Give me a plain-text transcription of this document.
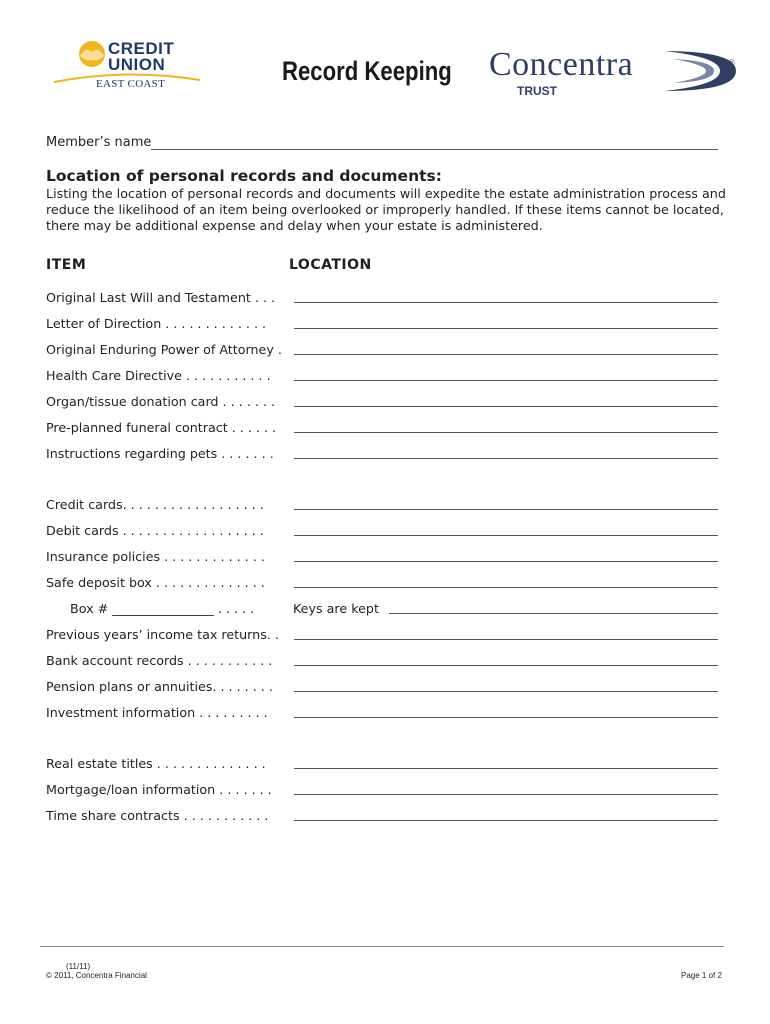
CREDIT
UNION
EAST COAST	Record Keeping Concentra	®
TRUST
Member’s name
Location of personal records and documents:
Listing the location of personal records and documents will expedite the estate administration process and reduce the likelihood of an item being overlooked or improperly handled. If these items cannot be located, there may be additional expense and delay when your estate is administered.
ITEM	LOCATION
Original Last Will and Testament . . .
Letter of Direction . . . . . . . . . . . . .
Original Enduring Power of Attorney .
Health Care Directive . . . . . . . . . . .
Organ/tissue donation card . . . . . . .
Pre-planned funeral contract . . . . . .
Instructions regarding pets . . . . . . .
Credit cards. . . . . . . . . . . . . . . . . .
Debit cards . . . . . . . . . . . . . . . . . .
Insurance policies . . . . . . . . . . . . .
Safe deposit box . . . . . . . . . . . . . .
Box # ________________ . . . . .	Keys are kept
Previous years’ income tax returns. .
Bank account records . . . . . . . . . . .
Pension plans or annuities. . . . . . . .
Investment information . . . . . . . . .
Real estate titles . . . . . . . . . . . . . .
Mortgage/loan information . . . . . . .
Time share contracts . . . . . . . . . . .
(11/11)
© 2011, Concentra Financial	Page 1 of 2
